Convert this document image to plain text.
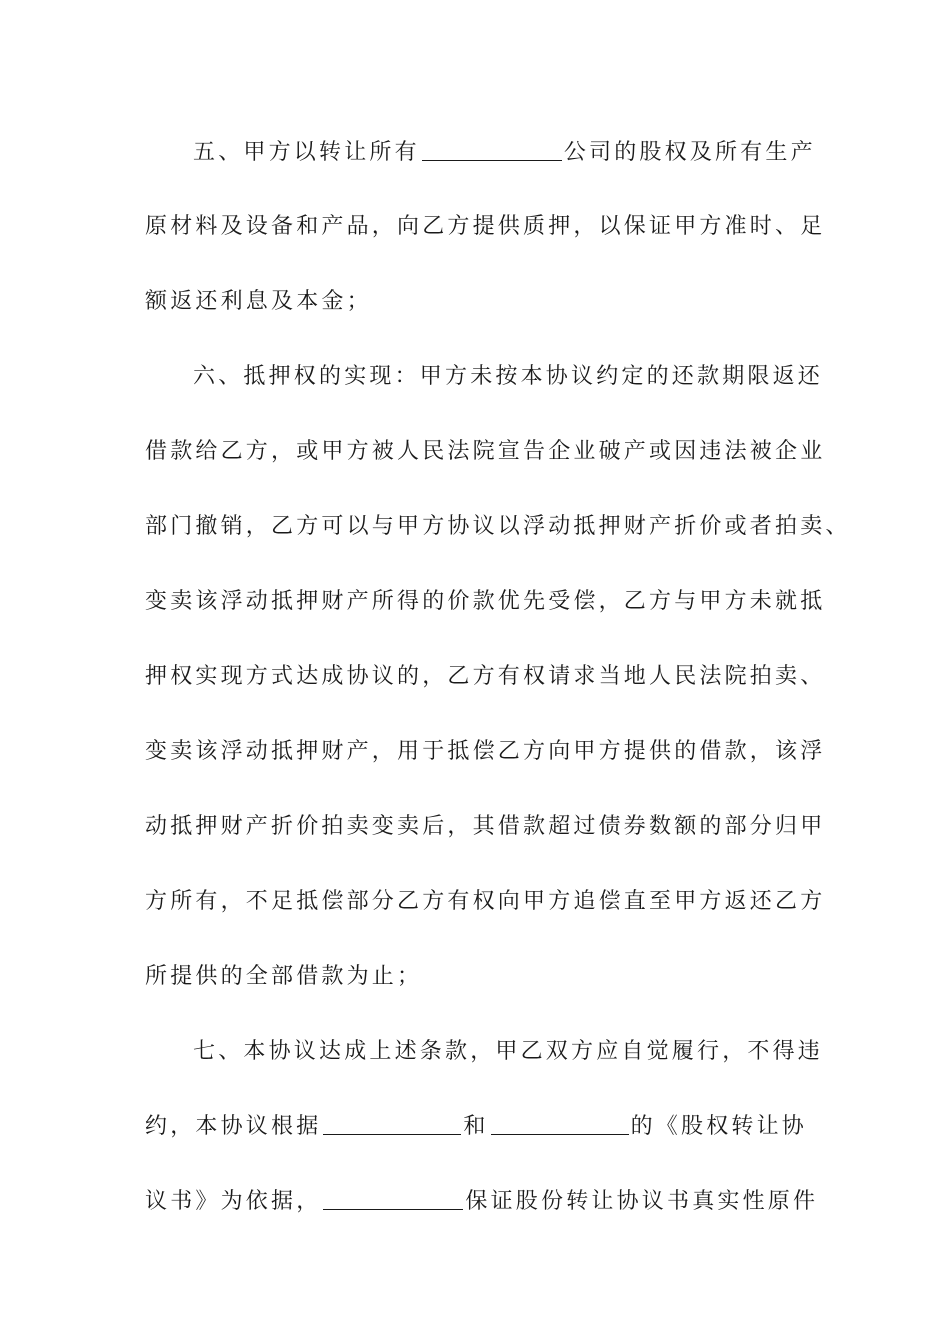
五、甲方以转让所有	公司的股权及所有生产
原材料及设备和产品，向乙方提供质押，以保证甲方准时、足
额返还利息及本金；
六、抵押权的实现：甲方未按本协议约定的还款期限返还
借款给乙方，或甲方被人民法院宣告企业破产或因违法被企业
部门撤销，乙方可以与甲方协议以浮动抵押财产折价或者拍卖、
变卖该浮动抵押财产所得的价款优先受偿，乙方与甲方未就抵
押权实现方式达成协议的，乙方有权请求当地人民法院拍卖、
变卖该浮动抵押财产，用于抵偿乙方向甲方提供的借款，该浮
动抵押财产折价拍卖变卖后，其借款超过债券数额的部分归甲
方所有，不足抵偿部分乙方有权向甲方追偿直至甲方返还乙方
所提供的全部借款为止；
七、本协议达成上述条款，甲乙双方应自觉履行，不得违
约，本协议根据	和	的《股权转让协
议书》为依据，	保证股份转让协议书真实性原件
